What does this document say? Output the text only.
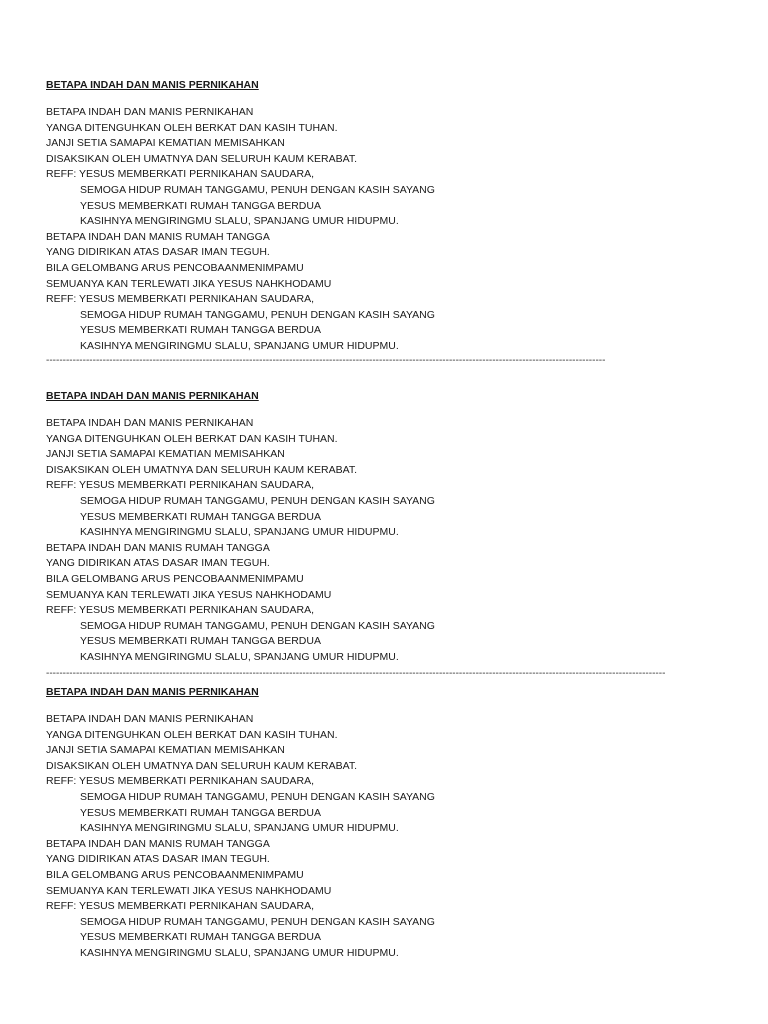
BETAPA INDAH DAN MANIS PERNIKAHAN
BETAPA INDAH DAN MANIS PERNIKAHAN
YANGA DITENGUHKAN OLEH BERKAT DAN KASIH TUHAN.
JANJI SETIA SAMAPAI KEMATIAN MEMISAHKAN
DISAKSIKAN OLEH UMATNYA DAN SELURUH KAUM KERABAT.
REFF: YESUS MEMBERKATI PERNIKAHAN SAUDARA,
SEMOGA HIDUP RUMAH TANGGAMU, PENUH DENGAN KASIH SAYANG
YESUS MEMBERKATI RUMAH TANGGA BERDUA
KASIHNYA MENGIRINGMU SLALU, SPANJANG UMUR HIDUPMU.
BETAPA INDAH DAN MANIS RUMAH TANGGA
YANG DIDIRIKAN ATAS DASAR IMAN TEGUH.
BILA GELOMBANG ARUS PENCOBAANMENIMPAMU
SEMUANYA KAN TERLEWATI JIKA YESUS NAHKHODAMU
REFF: YESUS MEMBERKATI PERNIKAHAN SAUDARA,
SEMOGA HIDUP RUMAH TANGGAMU, PENUH DENGAN KASIH SAYANG
YESUS MEMBERKATI RUMAH TANGGA BERDUA
KASIHNYA MENGIRINGMU SLALU, SPANJANG UMUR HIDUPMU.
------------------------------------------------------------------------------------------------------------------------------------------------------------------------
BETAPA INDAH DAN MANIS PERNIKAHAN
BETAPA INDAH DAN MANIS PERNIKAHAN
YANGA DITENGUHKAN OLEH BERKAT DAN KASIH TUHAN.
JANJI SETIA SAMAPAI KEMATIAN MEMISAHKAN
DISAKSIKAN OLEH UMATNYA DAN SELURUH KAUM KERABAT.
REFF: YESUS MEMBERKATI PERNIKAHAN SAUDARA,
SEMOGA HIDUP RUMAH TANGGAMU, PENUH DENGAN KASIH SAYANG
YESUS MEMBERKATI RUMAH TANGGA BERDUA
KASIHNYA MENGIRINGMU SLALU, SPANJANG UMUR HIDUPMU.
BETAPA INDAH DAN MANIS RUMAH TANGGA
YANG DIDIRIKAN ATAS DASAR IMAN TEGUH.
BILA GELOMBANG ARUS PENCOBAANMENIMPAMU
SEMUANYA KAN TERLEWATI JIKA YESUS NAHKHODAMU
REFF: YESUS MEMBERKATI PERNIKAHAN SAUDARA,
SEMOGA HIDUP RUMAH TANGGAMU, PENUH DENGAN KASIH SAYANG
YESUS MEMBERKATI RUMAH TANGGA BERDUA
KASIHNYA MENGIRINGMU SLALU, SPANJANG UMUR HIDUPMU.
------------------------------------------------------------------------------------------------------------------------------------------------------------------------------------------
BETAPA INDAH DAN MANIS PERNIKAHAN
BETAPA INDAH DAN MANIS PERNIKAHAN
YANGA DITENGUHKAN OLEH BERKAT DAN KASIH TUHAN.
JANJI SETIA SAMAPAI KEMATIAN MEMISAHKAN
DISAKSIKAN OLEH UMATNYA DAN SELURUH KAUM KERABAT.
REFF: YESUS MEMBERKATI PERNIKAHAN SAUDARA,
SEMOGA HIDUP RUMAH TANGGAMU, PENUH DENGAN KASIH SAYANG
YESUS MEMBERKATI RUMAH TANGGA BERDUA
KASIHNYA MENGIRINGMU SLALU, SPANJANG UMUR HIDUPMU.
BETAPA INDAH DAN MANIS RUMAH TANGGA
YANG DIDIRIKAN ATAS DASAR IMAN TEGUH.
BILA GELOMBANG ARUS PENCOBAANMENIMPAMU
SEMUANYA KAN TERLEWATI JIKA YESUS NAHKHODAMU
REFF: YESUS MEMBERKATI PERNIKAHAN SAUDARA,
SEMOGA HIDUP RUMAH TANGGAMU, PENUH DENGAN KASIH SAYANG
YESUS MEMBERKATI RUMAH TANGGA BERDUA
KASIHNYA MENGIRINGMU SLALU, SPANJANG UMUR HIDUPMU.
